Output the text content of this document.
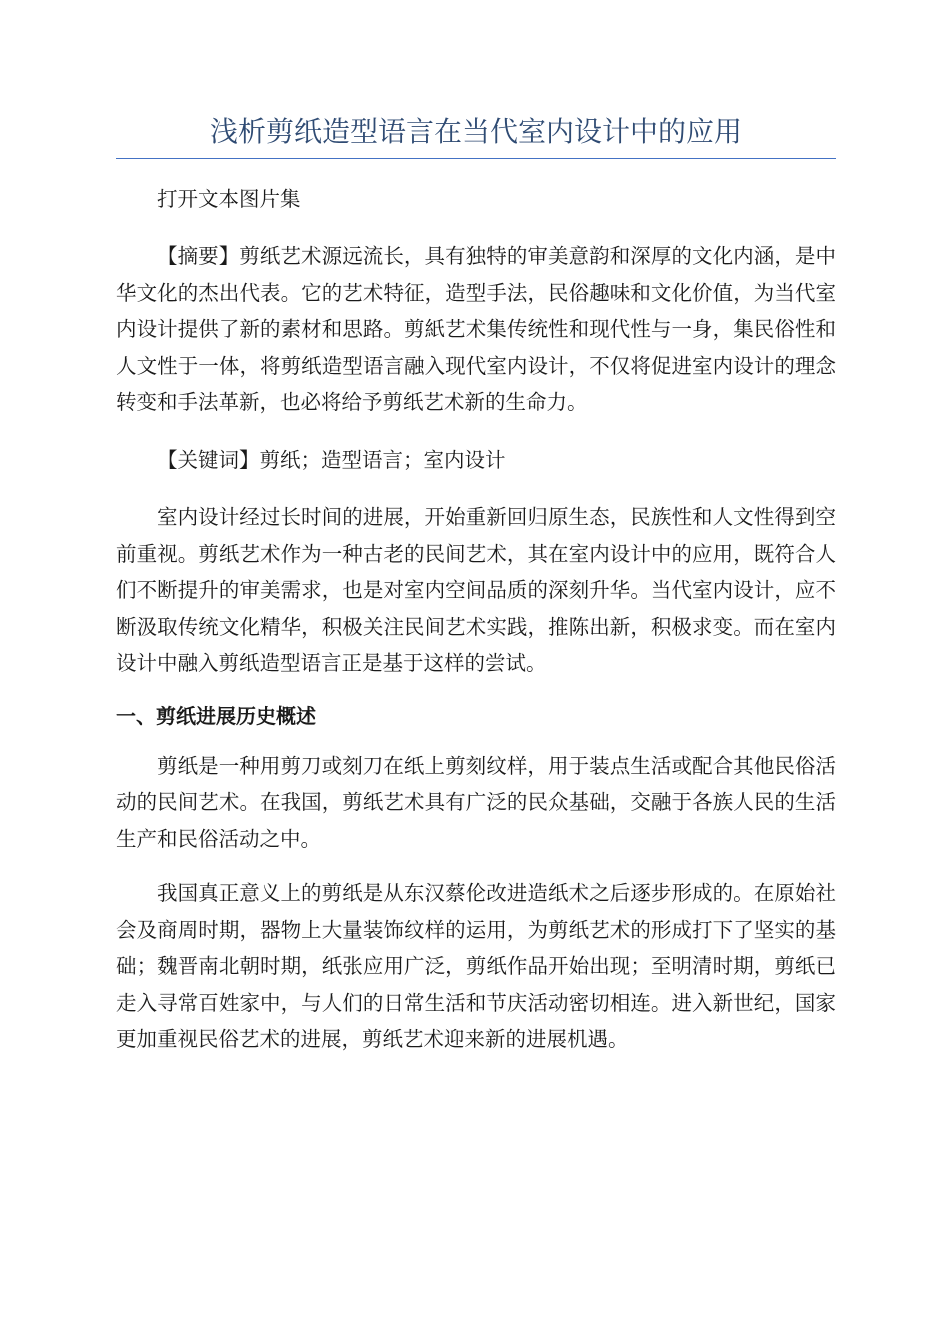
浅析剪纸造型语言在当代室内设计中的应用
打开文本图片集

【摘要】剪纸艺术源远流长，具有独特的审美意韵和深厚的文化内涵，是中华文化的杰出代表。它的艺术特征，造型手法，民俗趣味和文化价值，为当代室内设计提供了新的素材和思路。剪紙艺术集传统性和现代性与一身，集民俗性和人文性于一体，将剪纸造型语言融入现代室内设计，不仅将促进室内设计的理念转变和手法革新，也必将给予剪纸艺术新的生命力。

【关键词】剪纸；造型语言；室内设计

室内设计经过长时间的进展，开始重新回归原生态，民族性和人文性得到空前重视。剪纸艺术作为一种古老的民间艺术，其在室内设计中的应用，既符合人们不断提升的审美需求，也是对室内空间品质的深刻升华。当代室内设计，应不断汲取传统文化精华，积极关注民间艺术实践，推陈出新，积极求变。而在室内设计中融入剪纸造型语言正是基于这样的尝试。

一、剪纸进展历史概述

剪纸是一种用剪刀或刻刀在纸上剪刻纹样，用于装点生活或配合其他民俗活动的民间艺术。在我国，剪纸艺术具有广泛的民众基础，交融于各族人民的生活生产和民俗活动之中。

我国真正意义上的剪纸是从东汉蔡伦改进造纸术之后逐步形成的。在原始社会及商周时期，器物上大量装饰纹样的运用，为剪纸艺术的形成打下了坚实的基础；魏晋南北朝时期，纸张应用广泛，剪纸作品开始出现；至明清时期，剪纸已走入寻常百姓家中，与人们的日常生活和节庆活动密切相连。进入新世纪，国家更加重视民俗艺术的进展，剪纸艺术迎来新的进展机遇。
